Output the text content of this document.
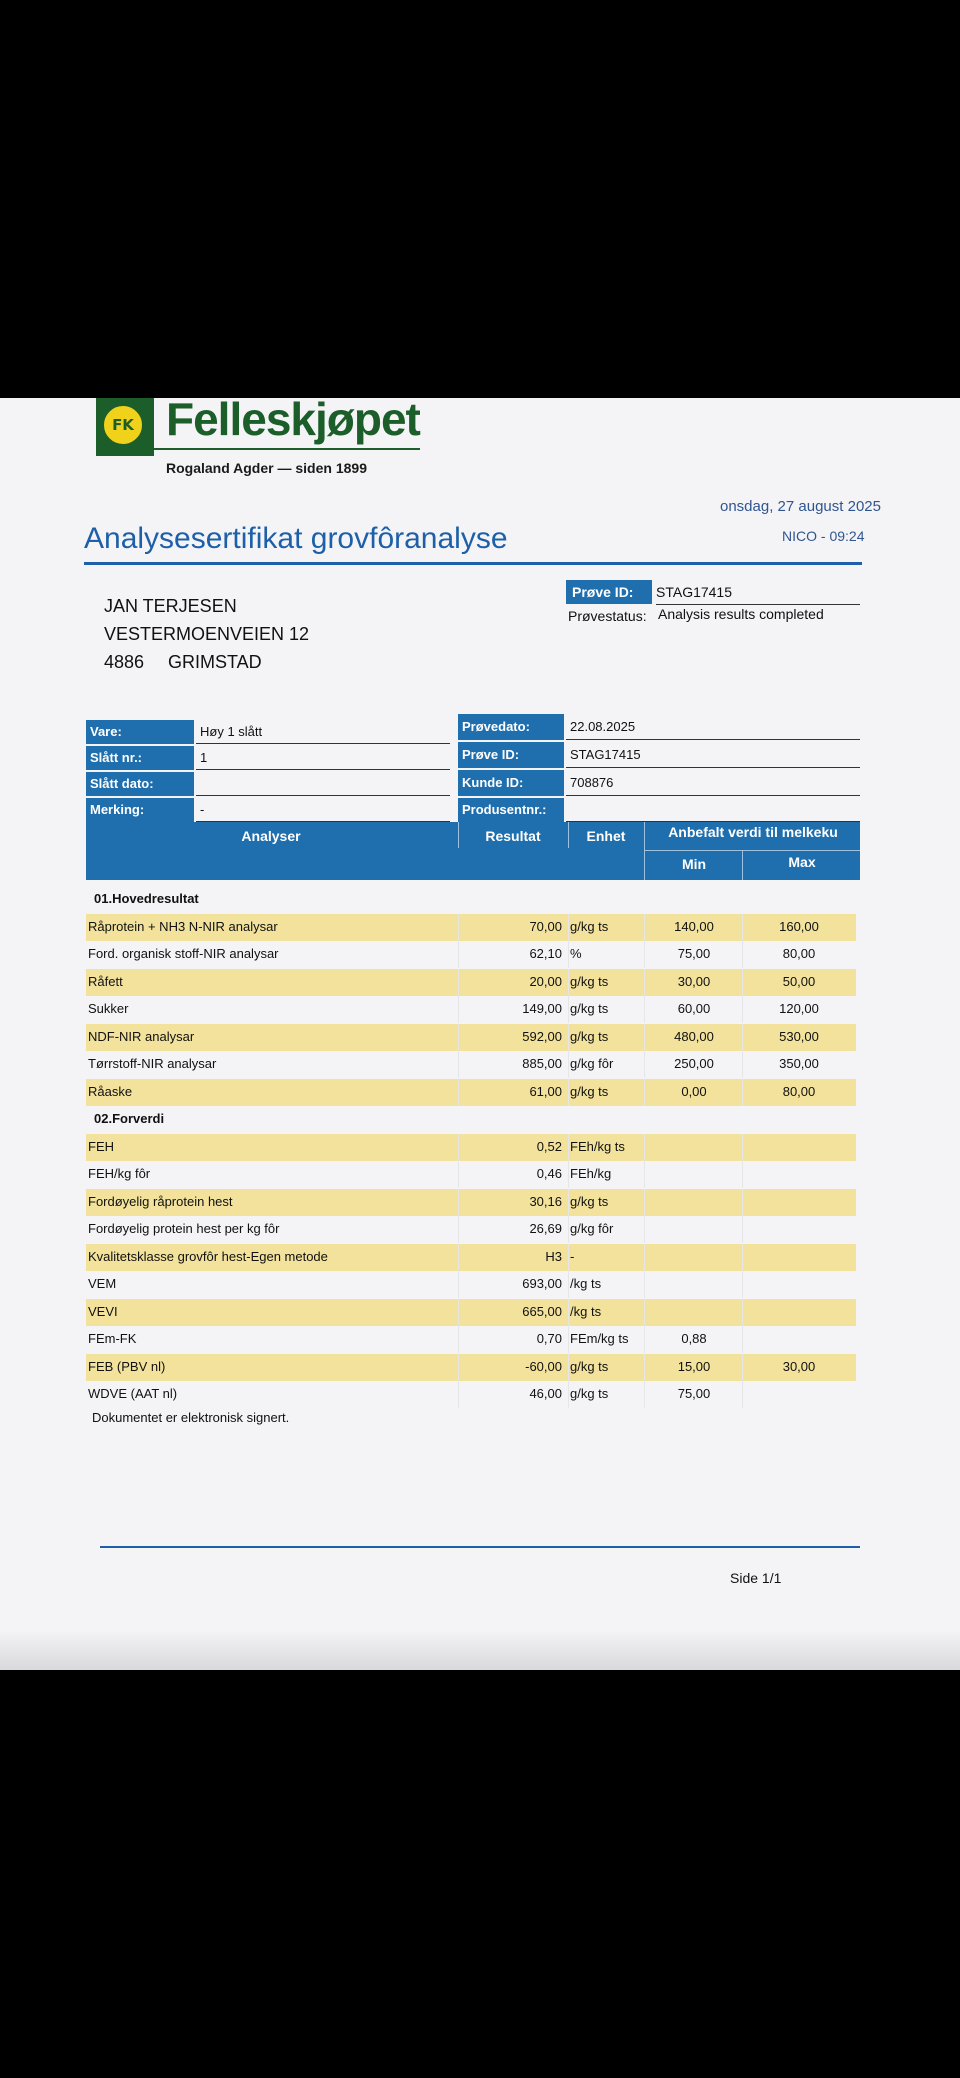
FK Felleskjøpet
Rogaland Agder — siden 1899
onsdag, 27 august 2025
Analysesertifikat grovfôranalyse	NICO - 09:24
JAN TERJESEN
VESTERMOENVEIEN 12
4886 GRIMSTAD
Prøve ID:	STAG17415
Prøvestatus: Analysis results completed
Vare:	Høy 1 slått
Slått nr.:	1
Slått dato:
Merking:	-
Prøvedato:	22.08.2025
Prøve ID:	STAG17415
Kunde ID:	708876
Produsentnr.:
Analyser	Resultat	Enhet	Anbefalt verdi til melkeku
Min	Max
01.Hovedresultat
Råprotein + NH3 N-NIR analysar	70,00 g/kg ts	140,00	160,00
Ford. organisk stoff-NIR analysar	62,10 %	75,00	80,00
Råfett	20,00 g/kg ts	30,00	50,00
Sukker	149,00 g/kg ts	60,00	120,00
NDF-NIR analysar	592,00 g/kg ts	480,00	530,00
Tørrstoff-NIR analysar	885,00 g/kg fôr	250,00	350,00
Råaske	61,00 g/kg ts	0,00	80,00
02.Forverdi
FEH	0,52 FEh/kg ts
FEH/kg fôr	0,46 FEh/kg
Fordøyelig råprotein hest	30,16 g/kg ts
Fordøyelig protein hest per kg fôr	26,69 g/kg fôr
Kvalitetsklasse grovfôr hest-Egen metode	H3 -
VEM	693,00 /kg ts
VEVI	665,00 /kg ts
FEm-FK	0,70 FEm/kg ts	0,88
FEB (PBV nl)	-60,00 g/kg ts	15,00	30,00
WDVE (AAT nl)	46,00 g/kg ts	75,00
Dokumentet er elektronisk signert.
Side 1/1
